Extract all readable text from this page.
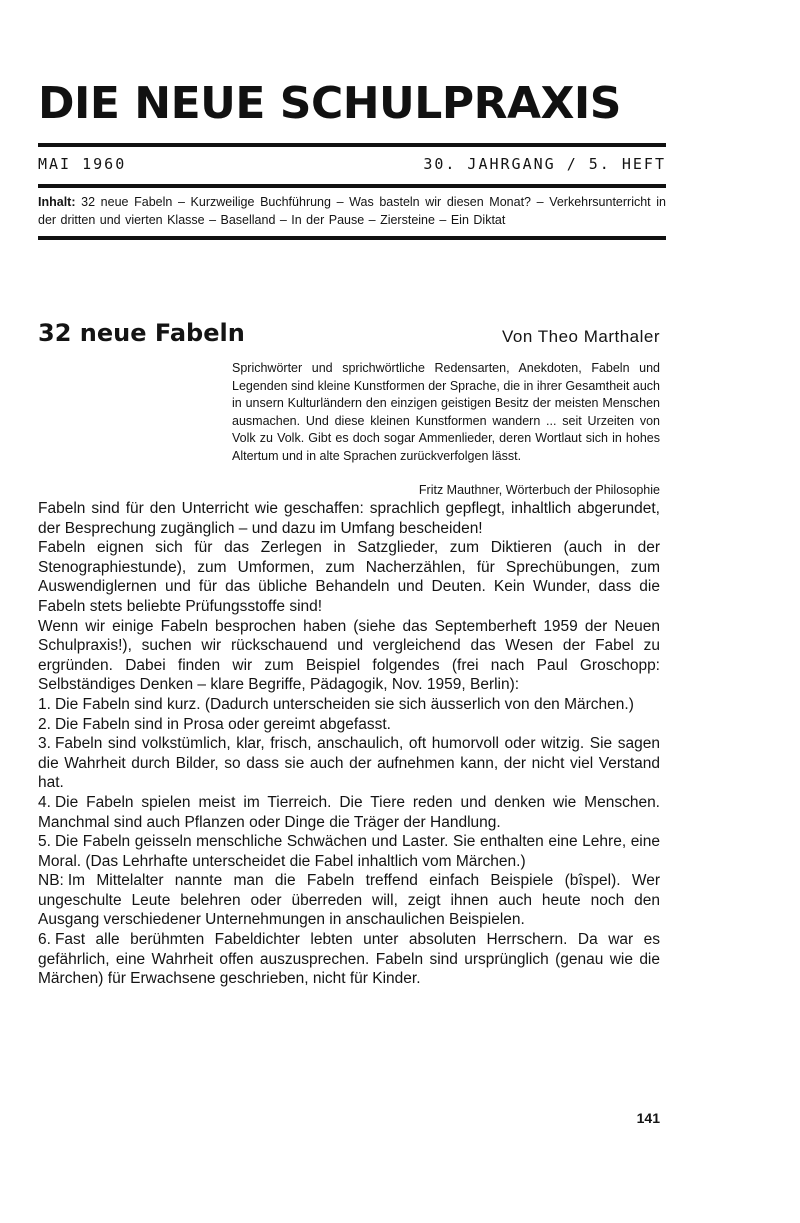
DIE NEUE SCHULPRAXIS
MAI 1960	30. JAHRGANG / 5. HEFT
Inhalt: 32 neue Fabeln – Kurzweilige Buchführung – Was basteln wir diesen Monat? – Verkehrsunterricht in der dritten und vierten Klasse – Baselland – In der Pause – Ziersteine – Ein Diktat
32 neue Fabeln	Von Theo Marthaler
Sprichwörter und sprichwörtliche Redensarten, Anekdoten, Fabeln und Legenden sind kleine Kunstformen der Sprache, die in ihrer Gesamtheit auch in unsern Kulturländern den einzigen geistigen Besitz der meisten Menschen ausmachen. Und diese kleinen Kunstformen wandern ... seit Urzeiten von Volk zu Volk. Gibt es doch sogar Ammenlieder, deren Wortlaut sich in hohes Altertum und in alte Sprachen zurückverfolgen lässt.
Fritz Mauthner, Wörterbuch der Philosophie

Fabeln sind für den Unterricht wie geschaffen: sprachlich gepflegt, inhaltlich abgerundet, der Besprechung zugänglich – und dazu im Umfang bescheiden!

Fabeln eignen sich für das Zerlegen in Satzglieder, zum Diktieren (auch in der Stenographiestunde), zum Umformen, zum Nacherzählen, für Sprechübungen, zum Auswendiglernen und für das übliche Behandeln und Deuten. Kein Wunder, dass die Fabeln stets beliebte Prüfungsstoffe sind!

Wenn wir einige Fabeln besprochen haben (siehe das Septemberheft 1959 der Neuen Schulpraxis!), suchen wir rückschauend und vergleichend das Wesen der Fabel zu ergründen. Dabei finden wir zum Beispiel folgendes (frei nach Paul Groschopp: Selbständiges Denken – klare Begriffe, Pädagogik, Nov. 1959, Berlin):

1. Die Fabeln sind kurz. (Dadurch unterscheiden sie sich äusserlich von den Märchen.)

2. Die Fabeln sind in Prosa oder gereimt abgefasst.

3. Fabeln sind volkstümlich, klar, frisch, anschaulich, oft humorvoll oder witzig. Sie sagen die Wahrheit durch Bilder, so dass sie auch der aufnehmen kann, der nicht viel Verstand hat.

4. Die Fabeln spielen meist im Tierreich. Die Tiere reden und denken wie Menschen. Manchmal sind auch Pflanzen oder Dinge die Träger der Handlung.

5. Die Fabeln geisseln menschliche Schwächen und Laster. Sie enthalten eine Lehre, eine Moral. (Das Lehrhafte unterscheidet die Fabel inhaltlich vom Märchen.)

NB: Im Mittelalter nannte man die Fabeln treffend einfach Beispiele (bîspel). Wer ungeschulte Leute belehren oder überreden will, zeigt ihnen auch heute noch den Ausgang verschiedener Unternehmungen in anschaulichen Beispielen.

6. Fast alle berühmten Fabeldichter lebten unter absoluten Herrschern. Da war es gefährlich, eine Wahrheit offen auszusprechen. Fabeln sind ursprünglich (genau wie die Märchen) für Erwachsene geschrieben, nicht für Kinder.

141
